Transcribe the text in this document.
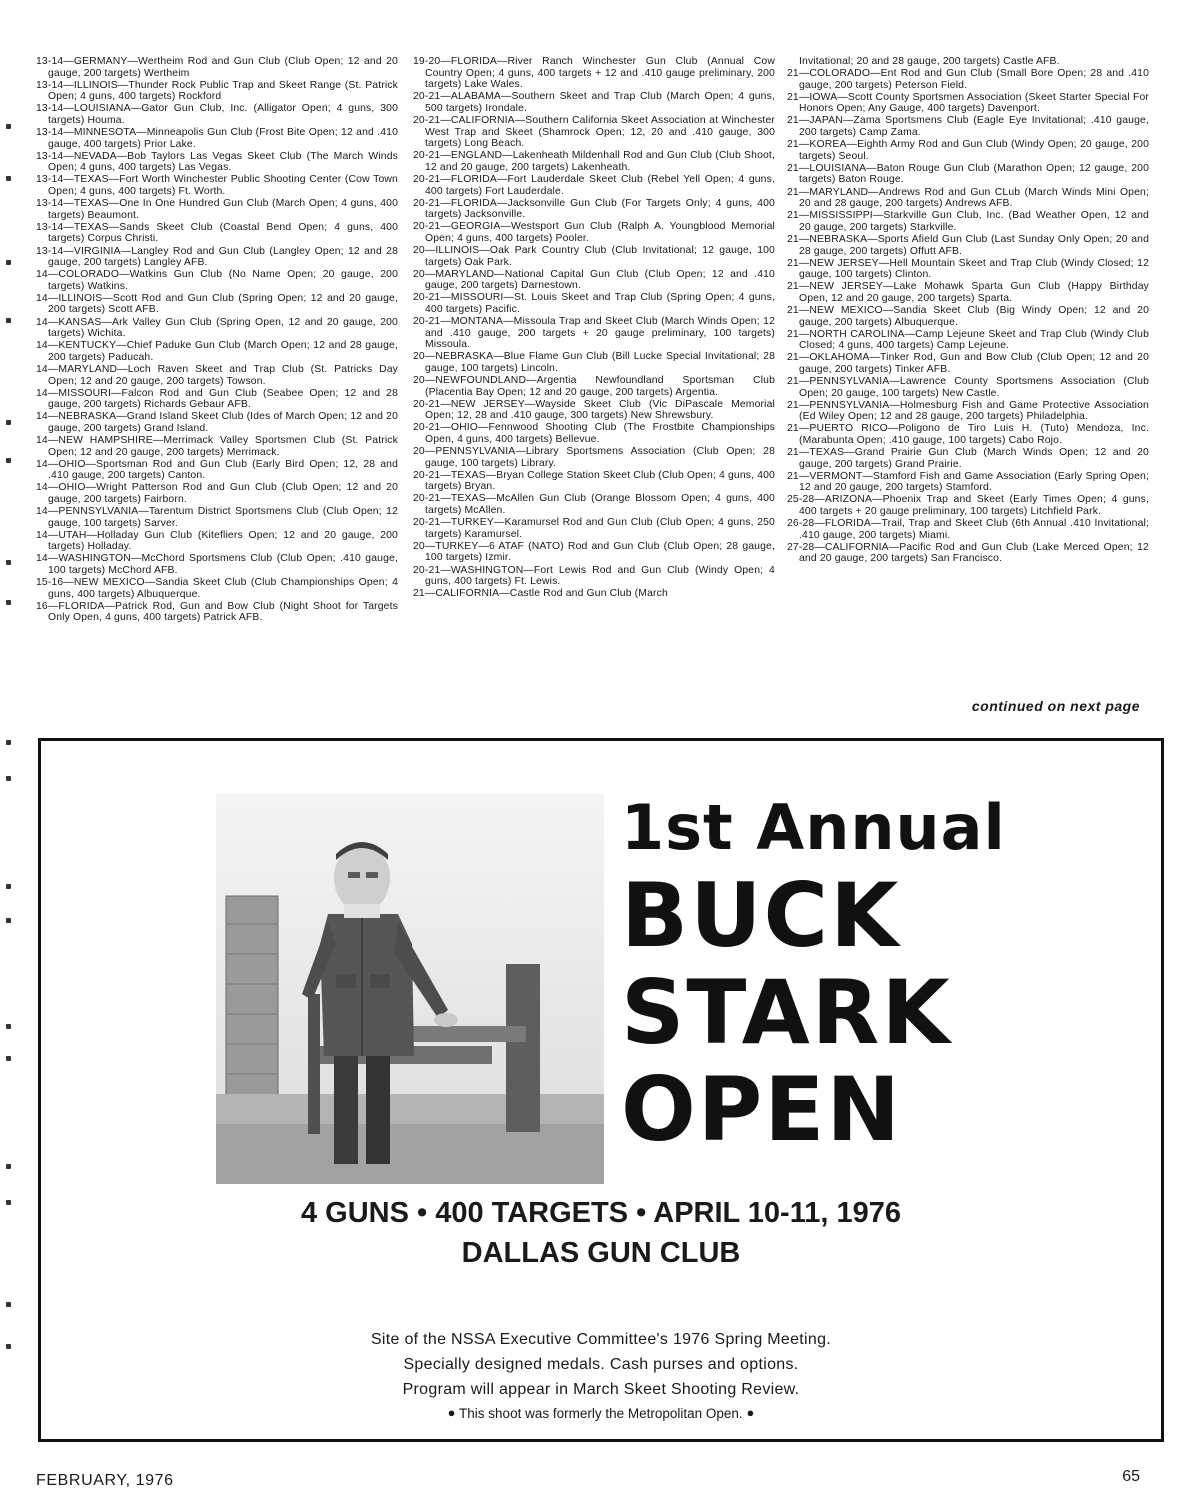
13-14—GERMANY—Wertheim Rod and Gun Club (Club Open; 12 and 20 gauge, 200 targets) Wertheim

13-14—ILLINOIS—Thunder Rock Public Trap and Skeet Range (St. Patrick Open; 4 guns, 400 targets) Rockford

13-14—LOUISIANA—Gator Gun Club, Inc. (Alligator Open; 4 guns, 300 targets) Houma.

13-14—MINNESOTA—Minneapolis Gun Club (Frost Bite Open; 12 and .410 gauge, 400 targets) Prior Lake.

13-14—NEVADA—Bob Taylors Las Vegas Skeet Club (The March Winds Open; 4 guns, 400 targets) Las Vegas.

13-14—TEXAS—Fort Worth Winchester Public Shooting Center (Cow Town Open; 4 guns, 400 targets) Ft. Worth.

13-14—TEXAS—One In One Hundred Gun Club (March Open; 4 guns, 400 targets) Beaumont.

13-14—TEXAS—Sands Skeet Club (Coastal Bend Open; 4 guns, 400 targets) Corpus Christi.

13-14—VIRGINIA—Langley Rod and Gun Club (Langley Open; 12 and 28 gauge, 200 targets) Langley AFB.

14—COLORADO—Watkins Gun Club (No Name Open; 20 gauge, 200 targets) Watkins.

14—ILLINOIS—Scott Rod and Gun Club (Spring Open; 12 and 20 gauge, 200 targets) Scott AFB.

14—KANSAS—Ark Valley Gun Club (Spring Open, 12 and 20 gauge, 200 targets) Wichita.

14—KENTUCKY—Chief Paduke Gun Club (March Open; 12 and 28 gauge, 200 targets) Paducah.

14—MARYLAND—Loch Raven Skeet and Trap Club (St. Patricks Day Open; 12 and 20 gauge, 200 targets) Towson.

14—MISSOURI—Falcon Rod and Gun Club (Seabee Open; 12 and 28 gauge, 200 targets) Richards Gebaur AFB.

14—NEBRASKA—Grand Island Skeet Club (Ides of March Open; 12 and 20 gauge, 200 targets) Grand Island.

14—NEW HAMPSHIRE—Merrimack Valley Sportsmen Club (St. Patrick Open; 12 and 20 gauge, 200 targets) Merrimack.

14—OHIO—Sportsman Rod and Gun Club (Early Bird Open; 12, 28 and .410 gauge, 200 targets) Canton.

14—OHIO—Wright Patterson Rod and Gun Club (Club Open; 12 and 20 gauge, 200 targets) Fairborn.

14—PENNSYLVANIA—Tarentum District Sportsmens Club (Club Open; 12 gauge, 100 targets) Sarver.

14—UTAH—Holladay Gun Club (Kitefliers Open; 12 and 20 gauge, 200 targets) Holladay.

14—WASHINGTON—McChord Sportsmens Club (Club Open; .410 gauge, 100 targets) McChord AFB.

15-16—NEW MEXICO—Sandia Skeet Club (Club Championships Open; 4 guns, 400 targets) Albuquerque.

16—FLORIDA—Patrick Rod, Gun and Bow Club (Night Shoot for Targets Only Open, 4 guns, 400 targets) Patrick AFB.

19-20—FLORIDA—River Ranch Winchester Gun Club (Annual Cow Country Open; 4 guns, 400 targets + 12 and .410 gauge preliminary, 200 targets) Lake Wales.

20-21—ALABAMA—Southern Skeet and Trap Club (March Open; 4 guns, 500 targets) Irondale.

20-21—CALIFORNIA—Southern California Skeet Association at Winchester West Trap and Skeet (Shamrock Open; 12, 20 and .410 gauge, 300 targets) Long Beach.

20-21—ENGLAND—Lakenheath Mildenhall Rod and Gun Club (Club Shoot, 12 and 20 gauge, 200 targets) Lakenheath.

20-21—FLORIDA—Fort Lauderdale Skeet Club (Rebel Yell Open; 4 guns, 400 targets) Fort Lauderdale.

20-21—FLORIDA—Jacksonville Gun Club (For Targets Only; 4 guns, 400 targets) Jacksonville.

20-21—GEORGIA—Westsport Gun Club (Ralph A. Youngblood Memorial Open; 4 guns, 400 targets) Pooler.

20—ILLINOIS—Oak Park Country Club (Club Invitational; 12 gauge, 100 targets) Oak Park.

20—MARYLAND—National Capital Gun Club (Club Open; 12 and .410 gauge, 200 targets) Darnestown.

20-21—MISSOURI—St. Louis Skeet and Trap Club (Spring Open; 4 guns, 400 targets) Pacific.

20-21—MONTANA—Missoula Trap and Skeet Club (March Winds Open; 12 and .410 gauge, 200 targets + 20 gauge preliminary, 100 targets) Missoula.

20—NEBRASKA—Blue Flame Gun Club (Bill Lucke Special Invitational; 28 gauge, 100 targets) Lincoln.

20—NEWFOUNDLAND—Argentia Newfoundland Sportsman Club (Placentia Bay Open; 12 and 20 gauge, 200 targets) Argentia.

20-21—NEW JERSEY—Wayside Skeet Club (Vic DiPascale Memorial Open; 12, 28 and .410 gauge, 300 targets) New Shrewsbury.

20-21—OHIO—Fennwood Shooting Club (The Frostbite Championships Open, 4 guns, 400 targets) Bellevue.

20—PENNSYLVANIA—Library Sportsmens Association (Club Open; 28 gauge, 100 targets) Library.

20-21—TEXAS—Bryan College Station Skeet Club (Club Open; 4 guns, 400 targets) Bryan.

20-21—TEXAS—McAllen Gun Club (Orange Blossom Open; 4 guns, 400 targets) McAllen.

20-21—TURKEY—Karamursel Rod and Gun Club (Club Open; 4 guns, 250 targets) Karamursel.

20—TURKEY—6 ATAF (NATO) Rod and Gun Club (Club Open; 28 gauge, 100 targets) Izmir.

20-21—WASHINGTON—Fort Lewis Rod and Gun Club (Windy Open; 4 guns, 400 targets) Ft. Lewis.

21—CALIFORNIA—Castle Rod and Gun Club (March

Invitational; 20 and 28 gauge, 200 targets) Castle AFB.

21—COLORADO—Ent Rod and Gun Club (Small Bore Open; 28 and .410 gauge, 200 targets) Peterson Field.

21—IOWA—Scott County Sportsmen Association (Skeet Starter Special For Honors Open; Any Gauge, 400 targets) Davenport.

21—JAPAN—Zama Sportsmens Club (Eagle Eye Invitational; .410 gauge, 200 targets) Camp Zama.

21—KOREA—Eighth Army Rod and Gun Club (Windy Open; 20 gauge, 200 targets) Seoul.

21—LOUISIANA—Baton Rouge Gun Club (Marathon Open; 12 gauge, 200 targets) Baton Rouge.

21—MARYLAND—Andrews Rod and Gun CLub (March Winds Mini Open; 20 and 28 gauge, 200 targets) Andrews AFB.

21—MISSISSIPPI—Starkville Gun Club, Inc. (Bad Weather Open, 12 and 20 gauge, 200 targets) Starkville.

21—NEBRASKA—Sports Afield Gun Club (Last Sunday Only Open; 20 and 28 gauge, 200 targets) Offutt AFB.

21—NEW JERSEY—Hell Mountain Skeet and Trap Club (Windy Closed; 12 gauge, 100 targets) Clinton.

21—NEW JERSEY—Lake Mohawk Sparta Gun Club (Happy Birthday Open, 12 and 20 gauge, 200 targets) Sparta.

21—NEW MEXICO—Sandia Skeet Club (Big Windy Open; 12 and 20 gauge, 200 targets) Albuquerque.

21—NORTH CAROLINA—Camp Lejeune Skeet and Trap Club (Windy Club Closed; 4 guns, 400 targets) Camp Lejeune.

21—OKLAHOMA—Tinker Rod, Gun and Bow Club (Club Open; 12 and 20 gauge, 200 targets) Tinker AFB.

21—PENNSYLVANIA—Lawrence County Sportsmens Association (Club Open; 20 gauge, 100 targets) New Castle.

21—PENNSYLVANIA—Holmesburg Fish and Game Protective Association (Ed Wiley Open; 12 and 28 gauge, 200 targets) Philadelphia.

21—PUERTO RICO—Poligono de Tiro Luis H. (Tuto) Mendoza, Inc. (Marabunta Open; .410 gauge, 100 targets) Cabo Rojo.

21—TEXAS—Grand Prairie Gun Club (March Winds Open; 12 and 20 gauge, 200 targets) Grand Prairie.

21—VERMONT—Stamford Fish and Game Association (Early Spring Open; 12 and 20 gauge, 200 targets) Stamford.

25-28—ARIZONA—Phoenix Trap and Skeet (Early Times Open; 4 guns, 400 targets + 20 gauge preliminary, 100 targets) Litchfield Park.

26-28—FLORIDA—Trail, Trap and Skeet Club (6th Annual .410 Invitational; .410 gauge, 200 targets) Miami.

27-28—CALIFORNIA—Pacific Rod and Gun Club (Lake Merced Open; 12 and 20 gauge, 200 targets) San Francisco.

continued on next page
1st Annual
BUCK
STARK
OPEN
4 GUNS • 400 TARGETS • APRIL 10-11, 1976
DALLAS GUN CLUB
Site of the NSSA Executive Committee's 1976 Spring Meeting.
Specially designed medals. Cash purses and options.
Program will appear in March Skeet Shooting Review.
● This shoot was formerly the Metropolitan Open. ●
FEBRUARY, 1976	65
